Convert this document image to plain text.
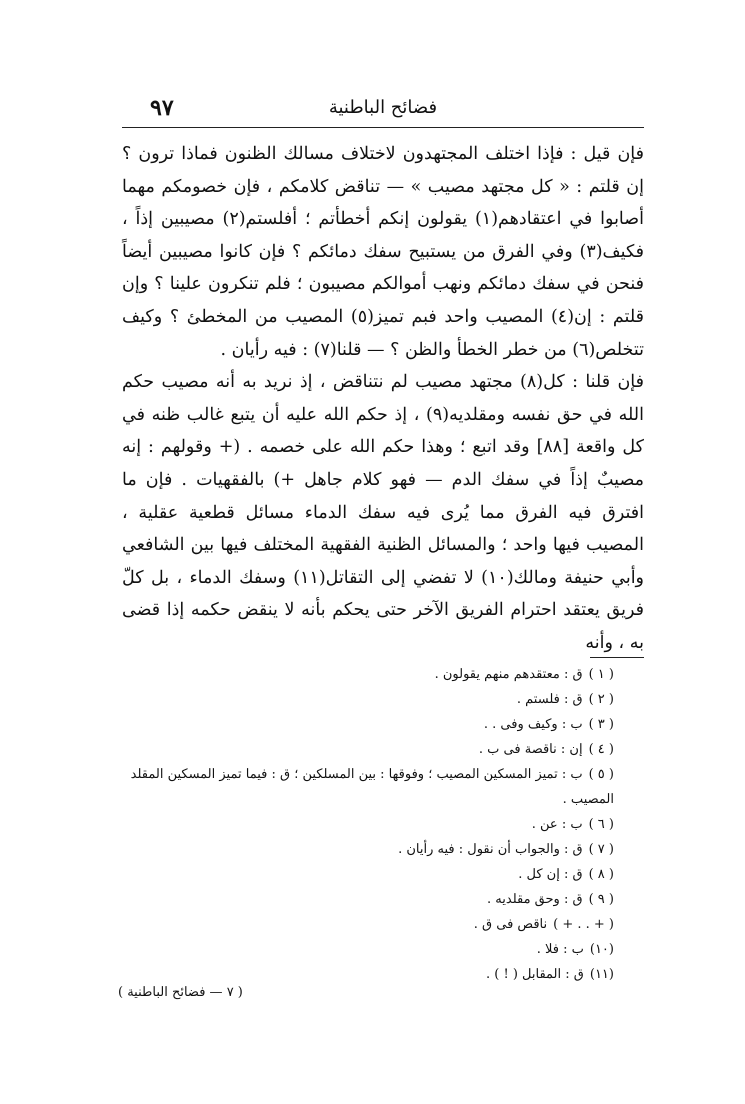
٩٧	فضائح الباطنية

فإن قيل : فإذا اختلف المجتهدون لاختلاف مسالك الظنون فماذا ترون ؟ إن قلتم : « كل مجتهد مصيب » — تناقض كلامكم ، فإن خصومكم مهما أصابوا في اعتقادهم(١) يقولون إنكم أخطأتم ؛ أفلستم(٢) مصيبين إذاً ، فكيف(٣) وفي الفرق من يستبيح سفك دمائكم ؟ فإن كانوا مصيبين أيضاً فنحن في سفك دمائكم ونهب أموالكم مصيبون ؛ فلم تنكرون علينا ؟ وإن قلتم : إن(٤) المصيب واحد فبم تميز(٥) المصيب من المخطئ ؟ وكيف تتخلص(٦) من خطر الخطأ والظن ؟ — قلنا(٧) : فيه رأيان .

فإن قلنا : كل(٨) مجتهد مصيب لم نتناقض ، إذ نريد به أنه مصيب حكم الله في حق نفسه ومقلديه(٩) ، إذ حكم الله عليه أن يتبع غالب ظنه في كل واقعة [٨٨] وقد اتبع ؛ وهذا حكم الله على خصمه . (+ وقولهم : إنه مصيبٌ إذاً في سفك الدم — فهو كلام جاهل +) بالفقهيات . فإن ما افترق فيه الفرق مما يُرى فيه سفك الدماء مسائل قطعية عقلية ، المصيب فيها واحد ؛ والمسائل الظنية الفقهية المختلف فيها بين الشافعي وأبي حنيفة ومالك(١٠) لا تفضي إلى التقاتل(١١) وسفك الدماء ، بل كلّ فريق يعتقد احترام الفريق الآخر حتى يحكم بأنه لا ينقض حكمه إذا قضى به ، وأنه

( ١ )ق : معتقدهم منهم يقولون .

( ٢ )ق : فلستم .

( ٣ )ب : وكيف وفى . .

( ٤ )إن : ناقصة فى ب .

( ٥ )ب : تميز المسكين المصيب ؛ وفوقها : بين المسلكين ؛ ق : فيما تميز المسكين المقلد المصيب .

( ٦ )ب : عن .

( ٧ )ق : والجواب أن نقول : فيه رأيان .

( ٨ )ق : إن كل .

( ٩ )ق : وحق مقلديه .

( + . . + )ناقص فى ق .

(١٠)ب : فلا .

(١١)ق : المقابل ( ! ) .

( ٧ — فضائح الباطنية )
